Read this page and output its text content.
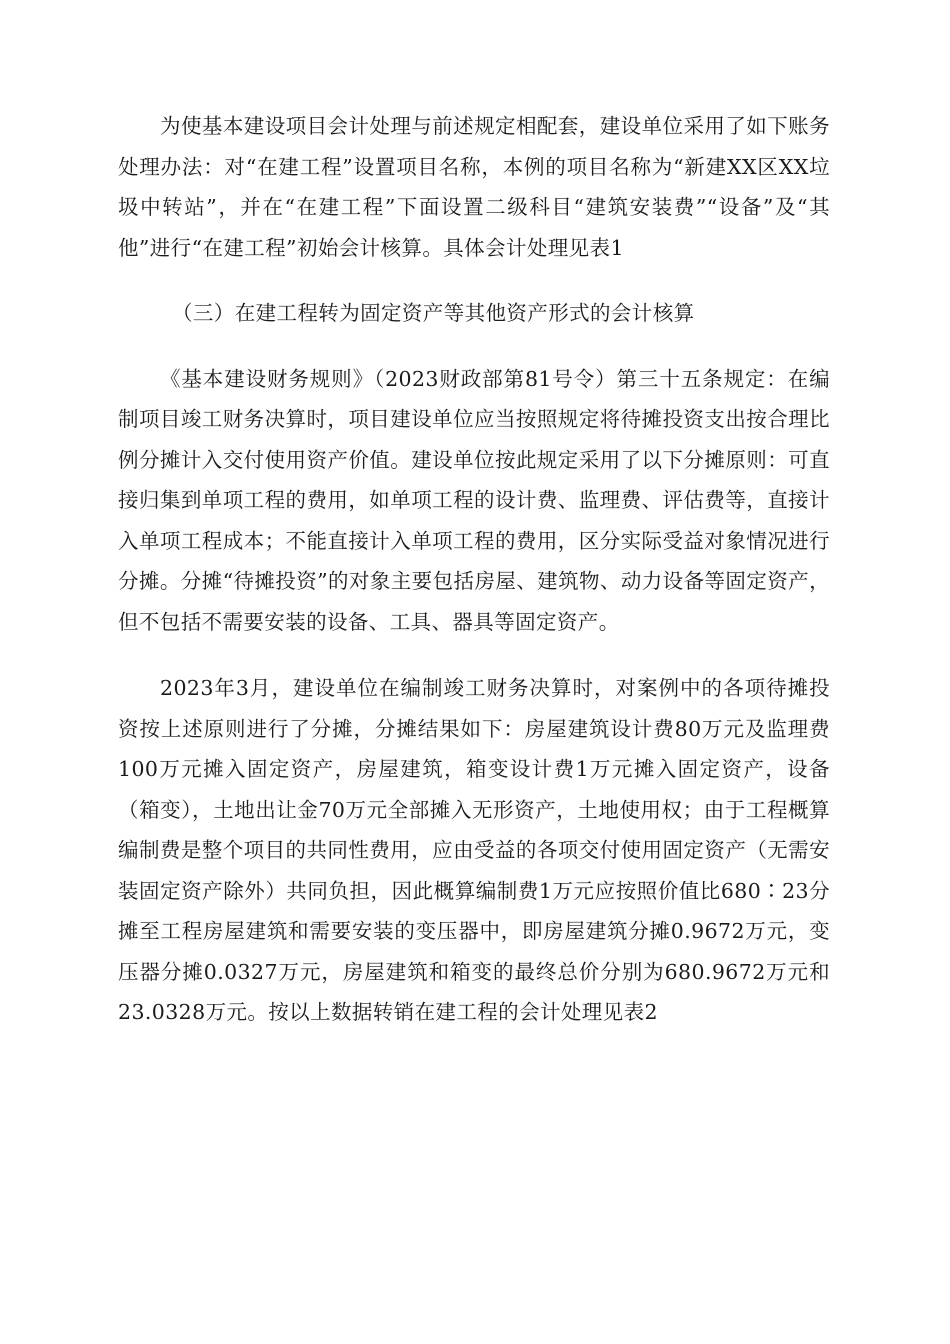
为使基本建设项目会计处理与前述规定相配套，建设单位采用了如下账务处理办法：对“在建工程”设置项目名称，本例的项目名称为“新建XX区XX垃圾中转站”，并在“在建工程”下面设置二级科目“建筑安装费”“设备”及“其他”进行“在建工程”初始会计核算。具体会计处理见表1

（三）在建工程转为固定资产等其他资产形式的会计核算

《基本建设财务规则》（2023财政部第81号令）第三十五条规定：在编制项目竣工财务决算时，项目建设单位应当按照规定将待摊投资支出按合理比例分摊计入交付使用资产价值。建设单位按此规定采用了以下分摊原则：可直接归集到单项工程的费用，如单项工程的设计费、监理费、评估费等，直接计入单项工程成本；不能直接计入单项工程的费用，区分实际受益对象情况进行分摊。分摊“待摊投资”的对象主要包括房屋、建筑物、动力设备等固定资产，但不包括不需要安装的设备、工具、器具等固定资产。

2023年3月，建设单位在编制竣工财务决算时，对案例中的各项待摊投资按上述原则进行了分摊，分摊结果如下：房屋建筑设计费80万元及监理费100万元摊入固定资产，房屋建筑，箱变设计费1万元摊入固定资产，设备（箱变），土地出让金70万元全部摊入无形资产，土地使用权；由于工程概算编制费是整个项目的共同性费用，应由受益的各项交付使用固定资产（无需安装固定资产除外）共同负担，因此概算编制费1万元应按照价值比680∶23分摊至工程房屋建筑和需要安装的变压器中，即房屋建筑分摊0.9672万元，变压器分摊0.0327万元，房屋建筑和箱变的最终总价分别为680.9672万元和23.0328万元。按以上数据转销在建工程的会计处理见表2
